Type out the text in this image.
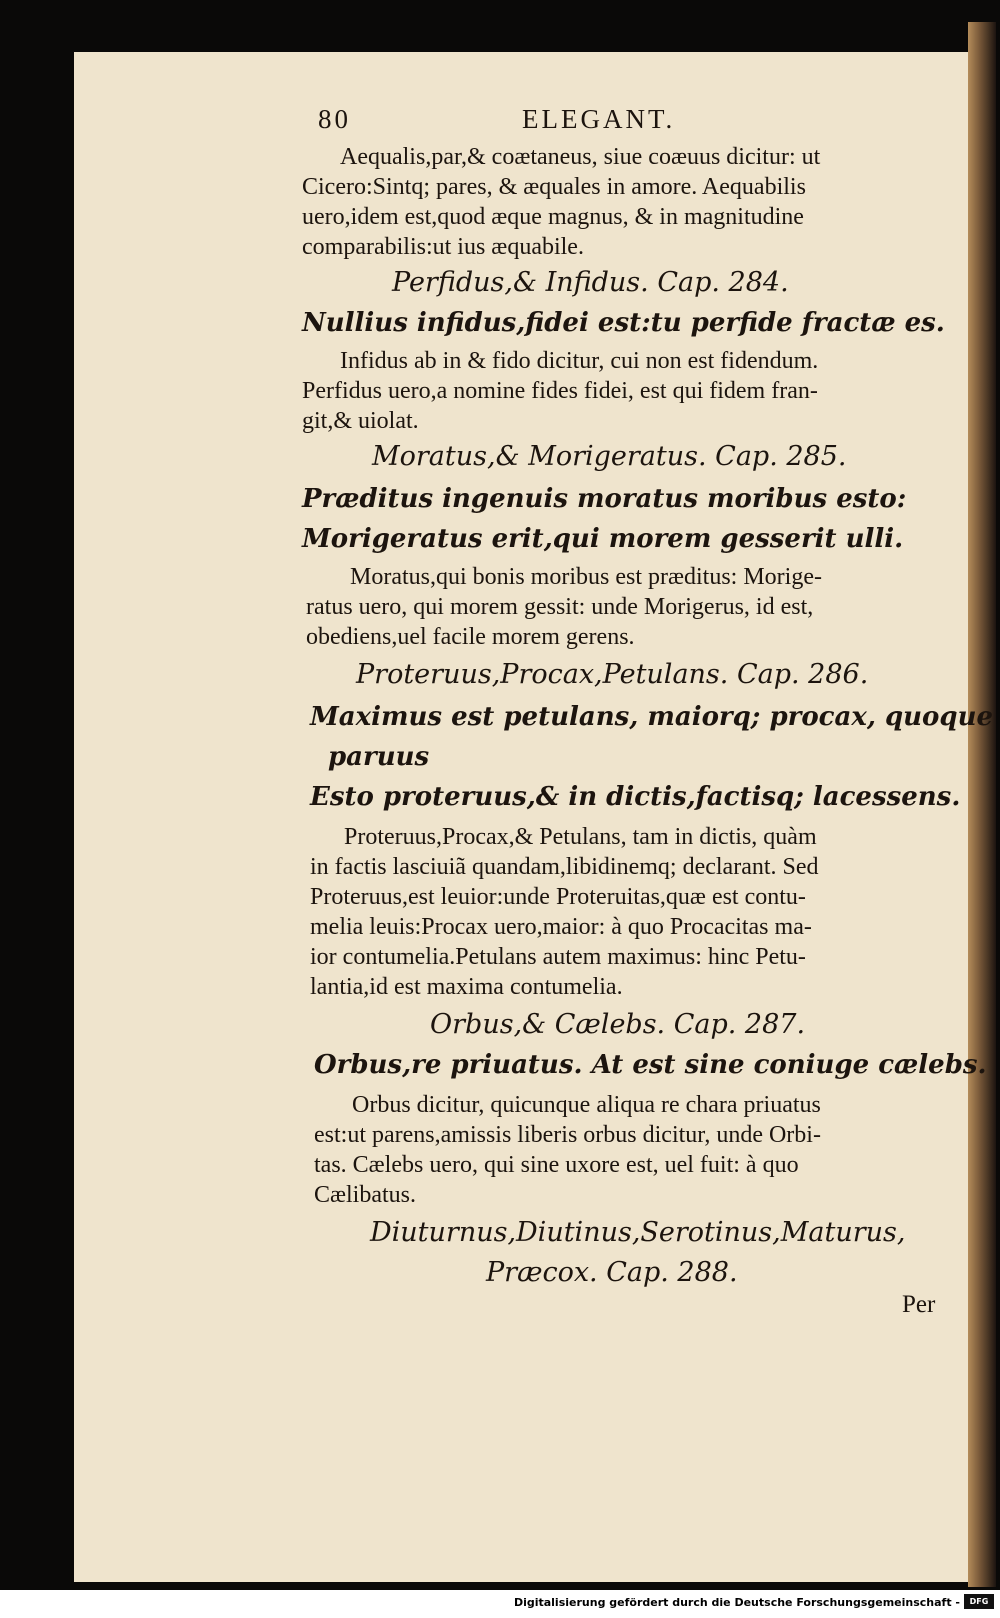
80	ELEGANT.
Aequalis,par,& coætaneus, siue coæuus dicitur: ut
Cicero:Sintq; pares, & æquales in amore. Aequabilis
uero,idem est,quod æque magnus, & in magnitudine
comparabilis:ut ius æquabile.
Perfidus,& Infidus. Cap. 284.
Nullius infidus,fidei est:tu perfide fractæ es.
Infidus ab in & fido dicitur, cui non est fidendum.
Perfidus uero,a nomine fides fidei, est qui fidem fran-
git,& uiolat.
Moratus,& Morigeratus. Cap. 285.
Præditus ingenuis moratus moribus esto:
Morigeratus erit,qui morem gesserit ulli.
Moratus,qui bonis moribus est præditus: Morige-
ratus uero, qui morem gessit: unde Morigerus, id est,
obediens,uel facile morem gerens.
Proteruus,Procax,Petulans. Cap. 286.
Maximus est petulans, maiorq; procax, quoque
paruus
Esto proteruus,& in dictis,factisq; lacessens.
Proteruus,Procax,& Petulans, tam in dictis, quàm
in factis lasciuiã quandam,libidinemq; declarant. Sed
Proteruus,est leuior:unde Proteruitas,quæ est contu-
melia leuis:Procax uero,maior: à quo Procacitas ma-
ior contumelia.Petulans autem maximus: hinc Petu-
lantia,id est maxima contumelia.
Orbus,& Cælebs. Cap. 287.
Orbus,re priuatus. At est sine coniuge cælebs.
Orbus dicitur, quicunque aliqua re chara priuatus
est:ut parens,amissis liberis orbus dicitur, unde Orbi-
tas. Cælebs uero, qui sine uxore est, uel fuit: à quo
Cælibatus.
Diuturnus,Diutinus,Serotinus,Maturus,
Præcox. Cap. 288.
Per
Digitalisierung gefördert durch die Deutsche Forschungsgemeinschaft -	DFG
